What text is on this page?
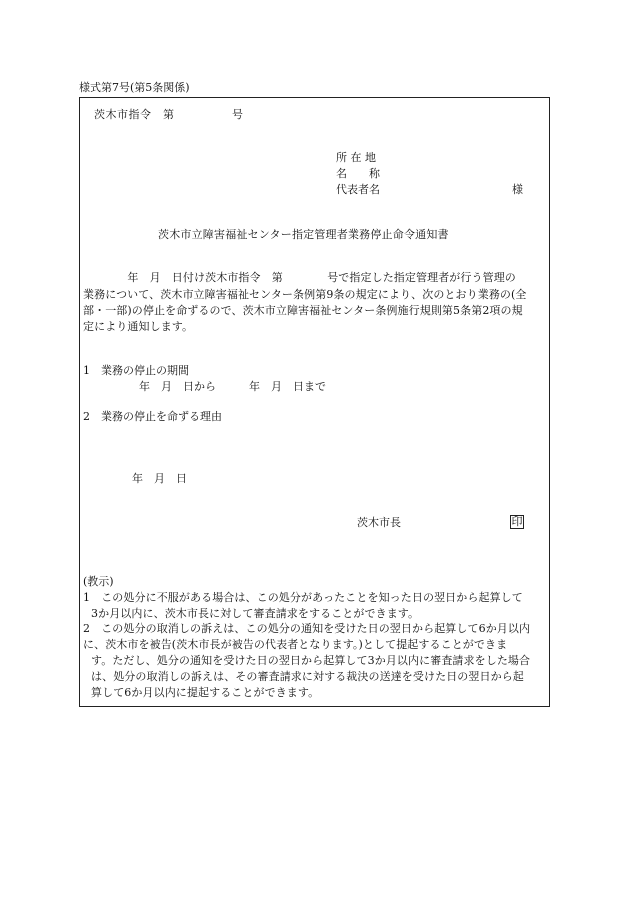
様式第7号(第5条関係)
茨木市指令　第　　　　　号
所 在 地
名　　称
代表者名	様
茨木市立障害福祉センター指定管理者業務停止命令通知書
　　　　年　月　日付け茨木市指令　第　　　　号で指定した指定管理者が行う管理の
業務について、茨木市立障害福祉センター条例第9条の規定により、次のとおり業務の(全
部・一部)の停止を命ずるので、茨木市立障害福祉センター条例施行規則第5条第2項の規
定により通知します。
1　業務の停止の期間
年　月　日から　　　年　月　日まで
2　業務の停止を命ずる理由
年　月　日
茨木市長	印
(教示)
1　この処分に不服がある場合は、この処分があったことを知った日の翌日から起算して
3か月以内に、茨木市長に対して審査請求をすることができます。
2　この処分の取消しの訴えは、この処分の通知を受けた日の翌日から起算して6か月以内
に、茨木市を被告(茨木市長が被告の代表者となります。)として提起することができま
す。ただし、処分の通知を受けた日の翌日から起算して3か月以内に審査請求をした場合
は、処分の取消しの訴えは、その審査請求に対する裁決の送達を受けた日の翌日から起
算して6か月以内に提起することができます。
